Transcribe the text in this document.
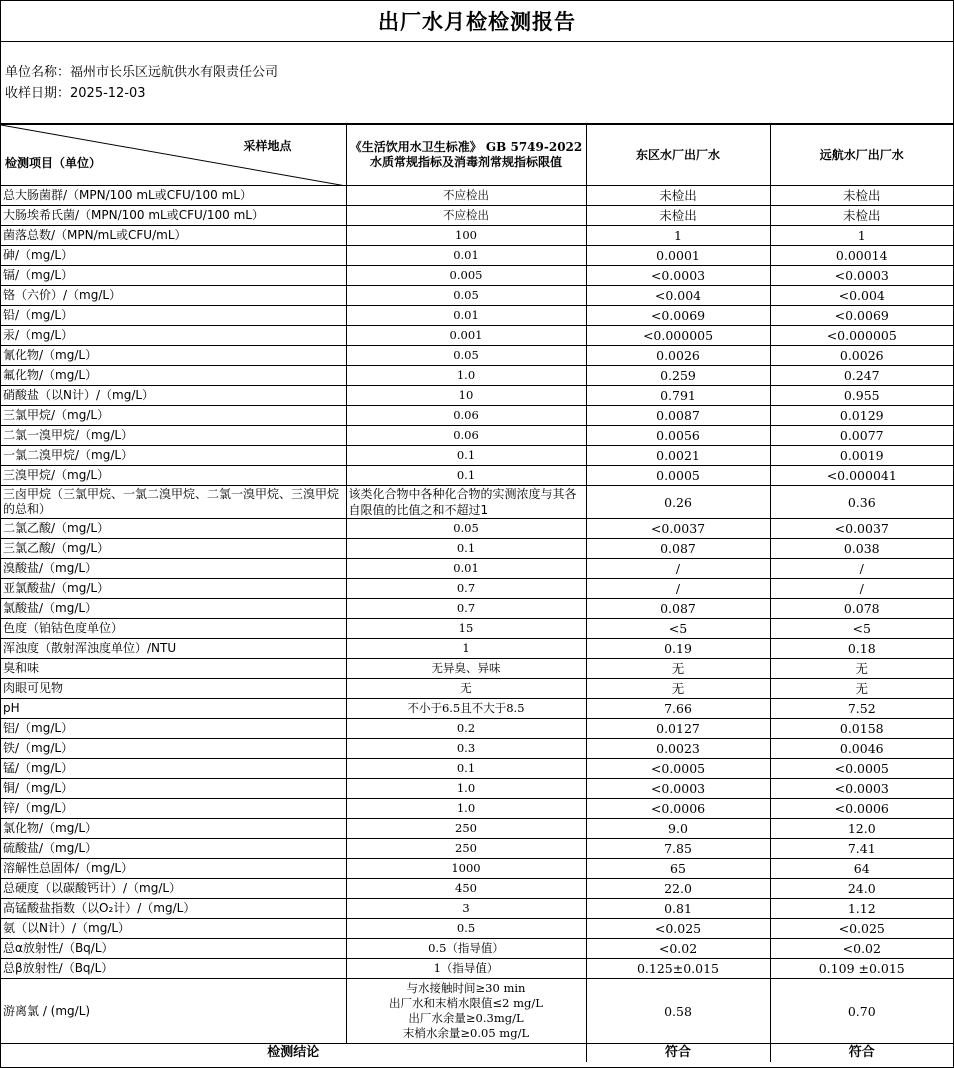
出厂水月检检测报告
单位名称：福州市长乐区远航供水有限责任公司
收样日期：2025-12-03
采样地点
检测项目（单位）	《生活饮用水卫生标准》 GB 5749-2022 水质常规指标及消毒剂常规指标限值	东区水厂出厂水	远航水厂出厂水
总大肠菌群/（MPN/100 mL或CFU/100 mL）	不应检出	未检出	未检出
大肠埃希氏菌/（MPN/100 mL或CFU/100 mL）	不应检出	未检出	未检出
菌落总数/（MPN/mL或CFU/mL）	100	1	1
砷/（mg/L）	0.01	0.0001	0.00014
镉/（mg/L）	0.005	<0.0003	<0.0003
铬（六价）/（mg/L）	0.05	<0.004	<0.004
铅/（mg/L）	0.01	<0.0069	<0.0069
汞/（mg/L）	0.001	<0.000005	<0.000005
氰化物/（mg/L）	0.05	0.0026	0.0026
氟化物/（mg/L）	1.0	0.259	0.247
硝酸盐（以N计）/（mg/L）	10	0.791	0.955
三氯甲烷/（mg/L）	0.06	0.0087	0.0129
二氯一溴甲烷/（mg/L）	0.06	0.0056	0.0077
一氯二溴甲烷/（mg/L）	0.1	0.0021	0.0019
三溴甲烷/（mg/L）	0.1	0.0005	<0.000041
三卤甲烷（三氯甲烷、一氯二溴甲烷、二氯一溴甲烷、三溴甲烷的总和）	该类化合物中各种化合物的实测浓度与其各自限值的比值之和不超过1	0.26	0.36
二氯乙酸/（mg/L）	0.05	<0.0037	<0.0037
三氯乙酸/（mg/L）	0.1	0.087	0.038
溴酸盐/（mg/L）	0.01	/	/
亚氯酸盐/（mg/L）	0.7	/	/
氯酸盐/（mg/L）	0.7	0.087	0.078
色度（铂钴色度单位）	15	<5	<5
浑浊度（散射浑浊度单位）/NTU	1	0.19	0.18
臭和味	无异臭、异味	无	无
肉眼可见物	无	无	无
pH	不小于6.5且不大于8.5	7.66	7.52
铝/（mg/L）	0.2	0.0127	0.0158
铁/（mg/L）	0.3	0.0023	0.0046
锰/（mg/L）	0.1	<0.0005	<0.0005
铜/（mg/L）	1.0	<0.0003	<0.0003
锌/（mg/L）	1.0	<0.0006	<0.0006
氯化物/（mg/L）	250	9.0	12.0
硫酸盐/（mg/L）	250	7.85	7.41
溶解性总固体/（mg/L）	1000	65	64
总硬度（以碳酸钙计）/（mg/L）	450	22.0	24.0
高锰酸盐指数（以O₂计）/（mg/L）	3	0.81	1.12
氨（以N计）/（mg/L）	0.5	<0.025	<0.025
总α放射性/（Bq/L）	0.5（指导值）	<0.02	<0.02
总β放射性/（Bq/L）	1（指导值）	0.125±0.015	0.109 ±0.015
游离氯 / (mg/L)	与水接触时间≥30 min
出厂水和末梢水限值≤2 mg/L
出厂水余量≥0.3mg/L
末梢水余量≥0.05 mg/L	0.58	0.70
检测结论		符合	符合
